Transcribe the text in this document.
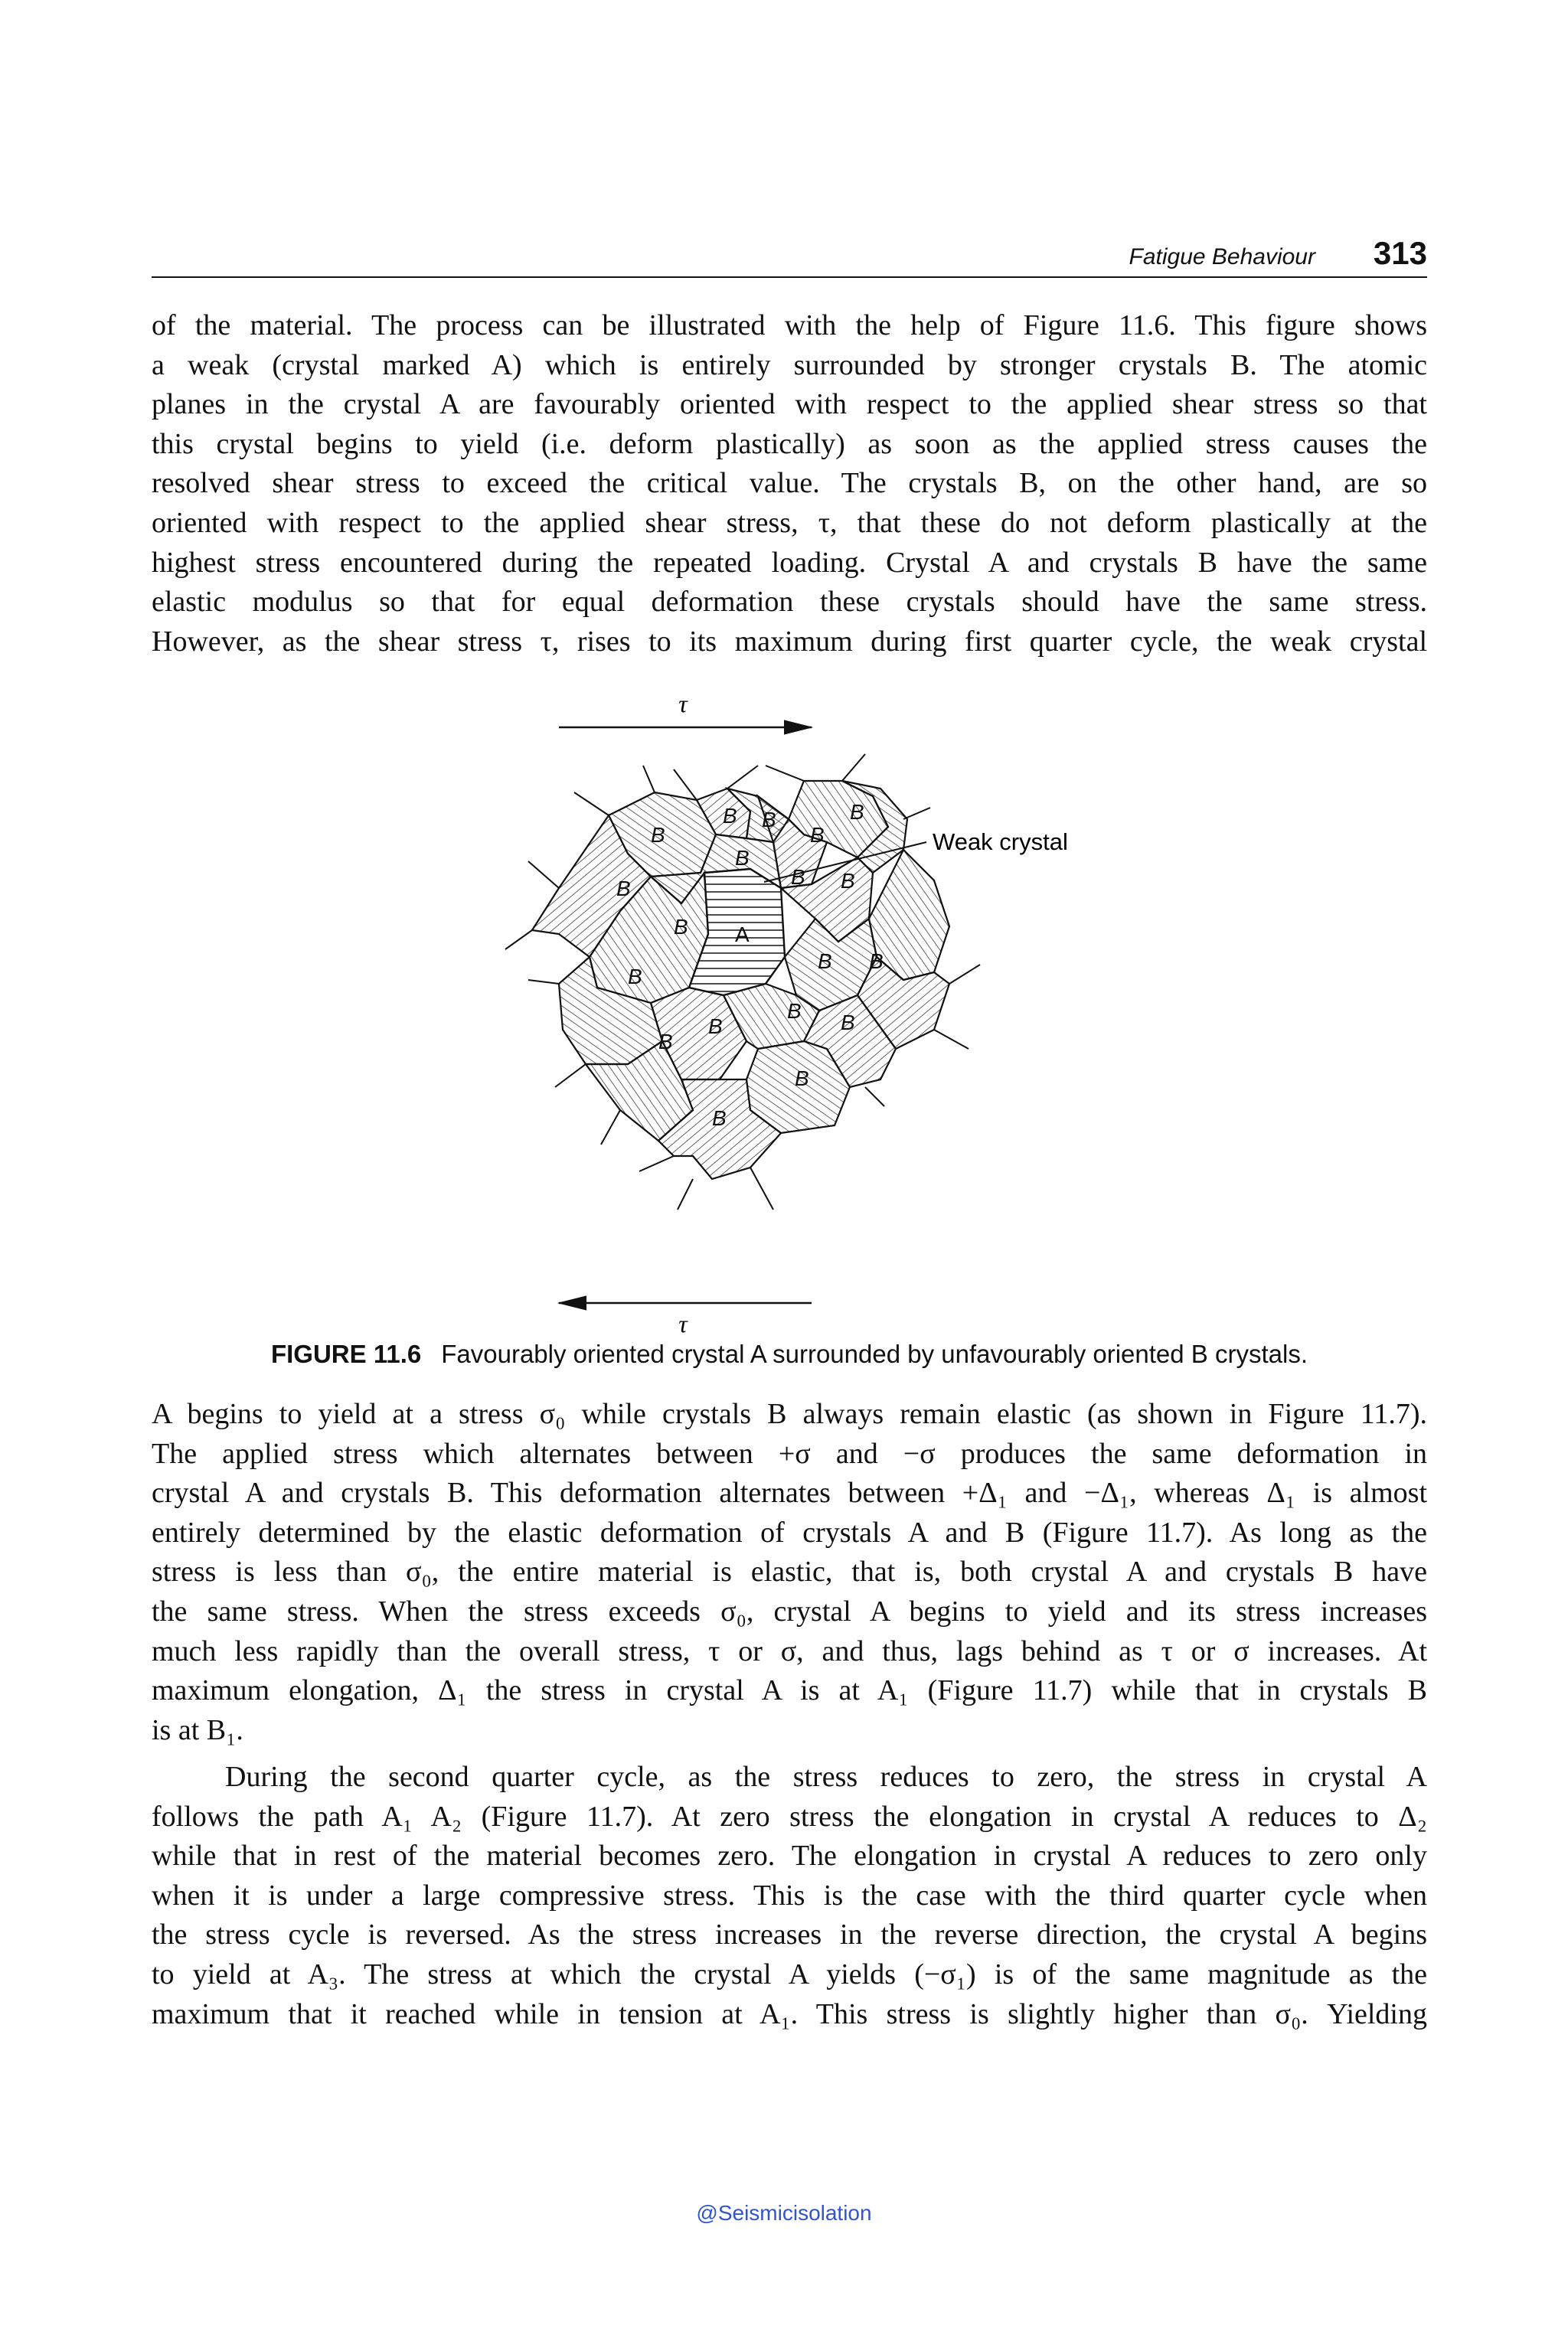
Fatigue Behaviour 313
of the material. The process can be illustrated with the help of Figure 11.6. This figure shows
a weak (crystal marked A) which is entirely surrounded by stronger crystals B. The atomic
planes in the crystal A are favourably oriented with respect to the applied shear stress so that
this crystal begins to yield (i.e. deform plastically) as soon as the applied stress causes the
resolved shear stress to exceed the critical value. The crystals B, on the other hand, are so
oriented with respect to the applied shear stress, τ, that these do not deform plastically at the
highest stress encountered during the repeated loading. Crystal A and crystals B have the same
elastic modulus so that for equal deformation these crystals should have the same stress.
However, as the shear stress τ, rises to its maximum during first quarter cycle, the weak crystal
τ
τ
Weak crystal
A
B
B B
B
B
B
B B
B
B
B
B B
B
B
B B
B
B
FIGURE 11.6 Favourably oriented crystal A surrounded by unfavourably oriented B crystals.
A begins to yield at a stress σ₀ while crystals B always remain elastic (as shown in Figure 11.7).
The applied stress which alternates between +σ and −σ produces the same deformation in
crystal A and crystals B. This deformation alternates between +Δ₁ and −Δ₁, whereas Δ₁ is almost
entirely determined by the elastic deformation of crystals A and B (Figure 11.7). As long as the
stress is less than σ₀, the entire material is elastic, that is, both crystal A and crystals B have
the same stress. When the stress exceeds σ₀, crystal A begins to yield and its stress increases
much less rapidly than the overall stress, τ or σ, and thus, lags behind as τ or σ increases. At
maximum elongation, Δ₁ the stress in crystal A is at A₁ (Figure 11.7) while that in crystals B
is at B₁.
During the second quarter cycle, as the stress reduces to zero, the stress in crystal A
follows the path A₁ A₂ (Figure 11.7). At zero stress the elongation in crystal A reduces to Δ₂
while that in rest of the material becomes zero. The elongation in crystal A reduces to zero only
when it is under a large compressive stress. This is the case with the third quarter cycle when
the stress cycle is reversed. As the stress increases in the reverse direction, the crystal A begins
to yield at A₃. The stress at which the crystal A yields (−σ₁) is of the same magnitude as the
maximum that it reached while in tension at A₁. This stress is slightly higher than σ₀. Yielding
@Seismicisolation
